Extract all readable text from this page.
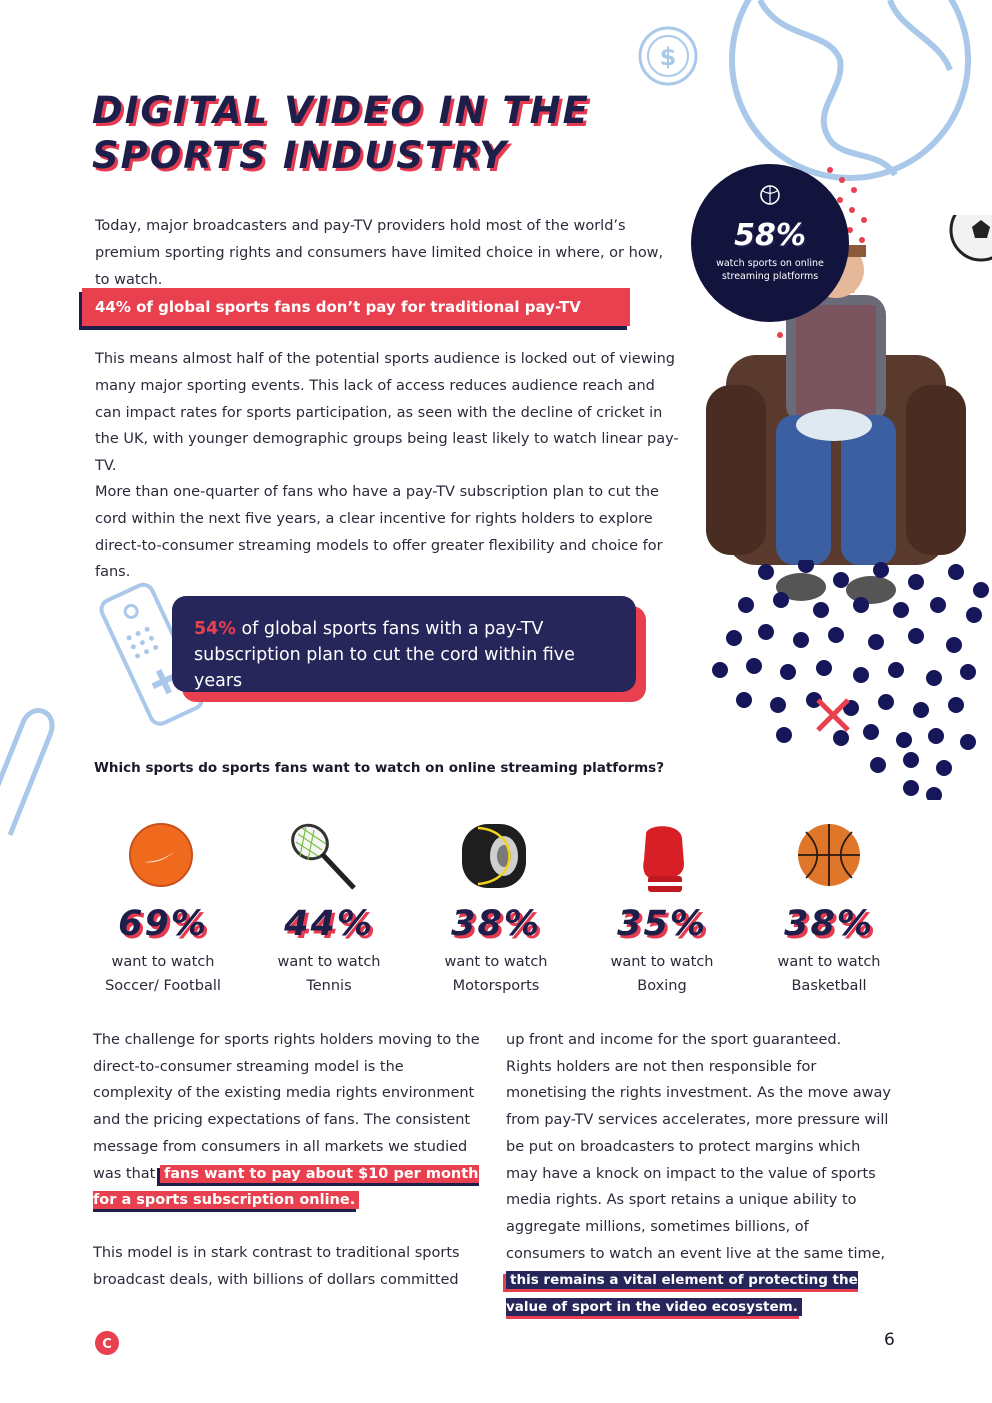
$
58%
watch sports on online streaming platforms
DIGITAL VIDEO IN THE SPORTS INDUSTRY

Today, major broadcasters and pay-TV providers hold most of the world’s premium sporting rights and consumers have limited choice in where, or how, to watch.

44% of global sports fans don’t pay for traditional pay-TV services.

This means almost half of the potential sports audience is locked out of viewing many major sporting events. This lack of access reduces audience reach and can impact rates for sports participation, as seen with the decline of cricket in the UK, with younger demographic groups being least likely to watch linear pay-TV.

More than one-quarter of fans who have a pay-TV subscription plan to cut the cord within the next five years, a clear incentive for rights holders to explore direct-to-consumer streaming models to offer greater flexibility and choice for fans.

54% of global sports fans with a pay-TV subscription plan to cut the cord within five years
Which sports do sports fans want to watch on online streaming platforms?
69%
want to watch
Soccer/ Football
44%
want to watch
Tennis
38%
want to watch
Motorsports
35%
want to watch
Boxing
38%
want to watch
Basketball

The challenge for sports rights holders moving to the direct-to-consumer streaming model is the complexity of the existing media rights environment and the pricing expectations of fans. The consistent message from consumers in all markets we studied was that fans want to pay about $10 per month for a sports subscription online.

This model is in stark contrast to traditional sports broadcast deals, with billions of dollars committed

up front and income for the sport guaranteed. Rights holders are not then responsible for monetising the rights investment. As the move away from pay-TV services accelerates, more pressure will be put on broadcasters to protect margins which may have a knock on impact to the value of sports media rights. As sport retains a unique ability to aggregate millions, sometimes billions, of consumers to watch an event live at the same time, this remains a vital element of protecting the value of sport in the video ecosystem.

C	6
